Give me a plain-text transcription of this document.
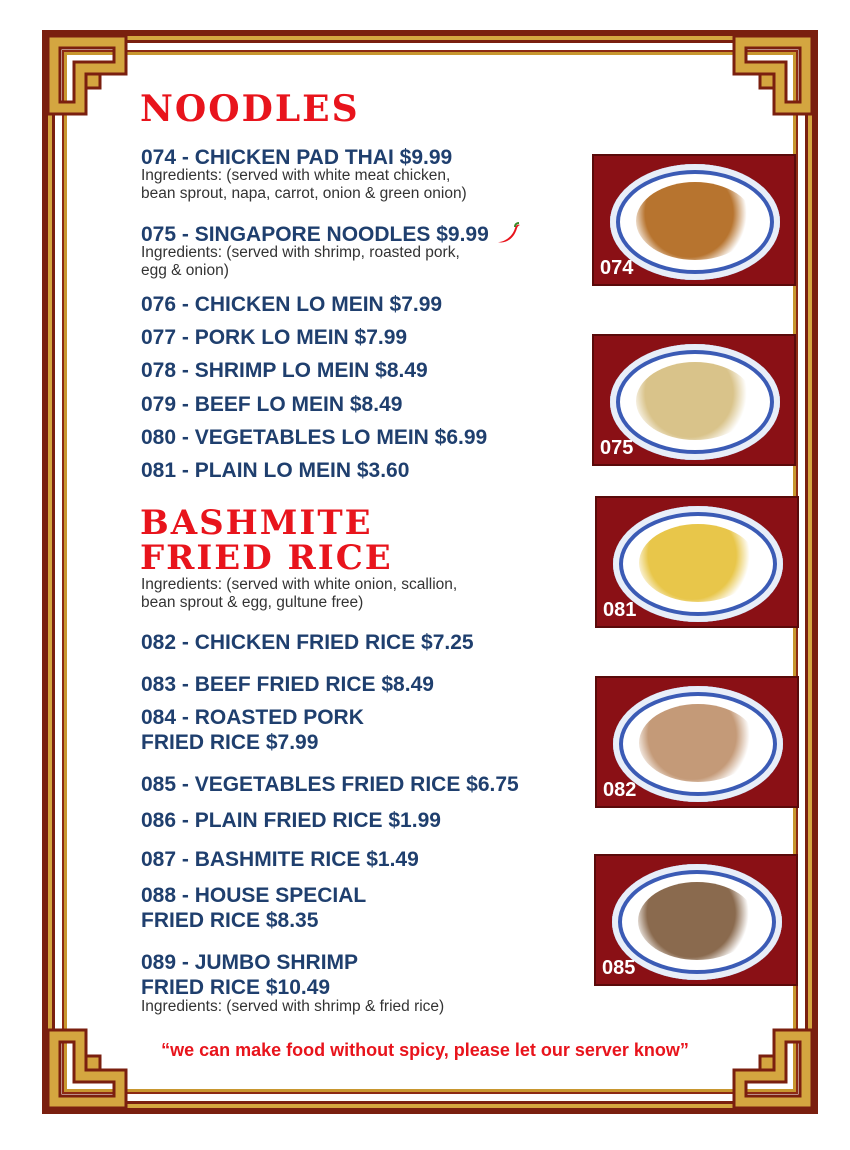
NOODLES
074 - CHICKEN PAD THAI $9.99
Ingredients: (served with white meat chicken,
bean sprout, napa, carrot, onion & green onion)
075 - SINGAPORE NOODLES $9.99
Ingredients: (served with shrimp, roasted pork,
egg & onion)
076 - CHICKEN LO MEIN $7.99
077 - PORK LO MEIN $7.99
078 - SHRIMP LO MEIN $8.49
079 - BEEF LO MEIN $8.49
080 - VEGETABLES LO MEIN $6.99
081 - PLAIN LO MEIN $3.60
BASHMITE
FRIED RICE
Ingredients: (served with white onion, scallion,
bean sprout & egg, gultune free)
082 - CHICKEN FRIED RICE $7.25
083 - BEEF FRIED RICE $8.49
084 - ROASTED PORK
FRIED RICE $7.99
085 - VEGETABLES FRIED RICE $6.75
086 - PLAIN FRIED RICE $1.99
087 - BASHMITE RICE $1.49
088 - HOUSE SPECIAL
FRIED RICE $8.35
089 - JUMBO SHRIMP
FRIED RICE $10.49
Ingredients: (served with shrimp & fried rice)
074
075
081
082
085
“we can make food without spicy, please let our server know”
